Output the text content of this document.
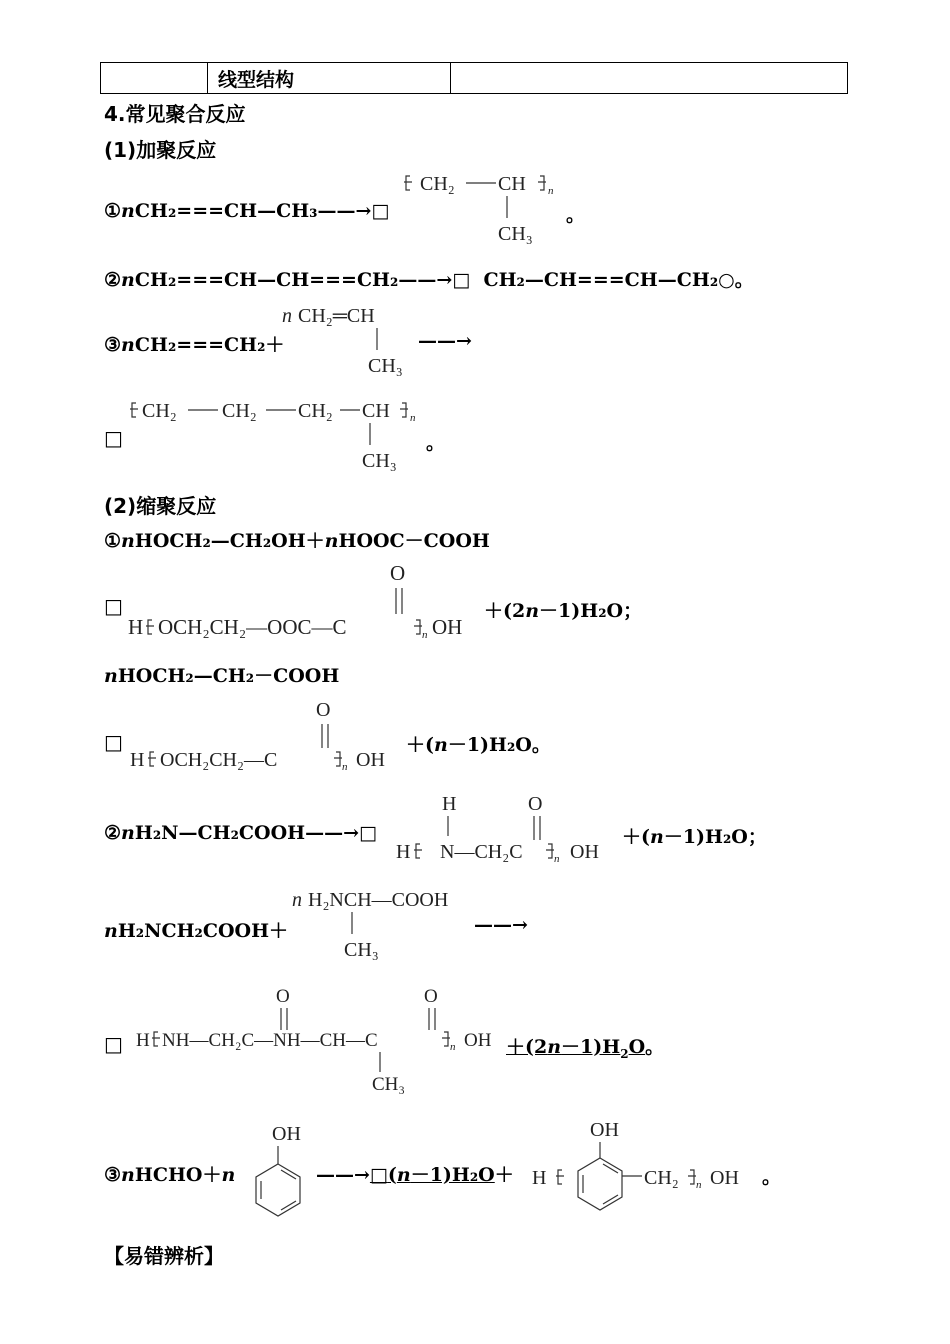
	线型结构	
4.常见聚合反应
(1)加聚反应
①nCH₂===CH—CH₃——→□
CH₂ CH n
CH₃
。
②nCH₂===CH—CH===CH₂——→□ CH₂—CH===CH—CH₂○。
③nCH₂===CH₂＋
n CH₂═CH
CH₃
——→
□
CH₂ CH₂ CH₂ CH n
CH₃
。
(2)缩聚反应
①nHOCH₂—CH₂OH＋nHOOC－COOH
□
H OCH₂CH₂—OOC—C
O
n OH
＋(2n－1)H₂O；
nHOCH₂—CH₂－COOH
□
H OCH₂CH₂—C
O
n OH
＋(n－1)H₂O。
②nH₂N—CH₂COOH——→□
H
H N—CH₂C
O
n OH
＋(n－1)H₂O；
nH₂NCH₂COOH＋
n H₂NCH—COOH
CH₃
——→
□ H NH—CH₂C—NH—CH—C
O	O
CH₃
n OH $+(2n-1)H_2O$。
③nHCHO＋n
OH
——→□(n－1)H₂O＋ H
OH
CH₂ n OH 。
【易错辨析】
